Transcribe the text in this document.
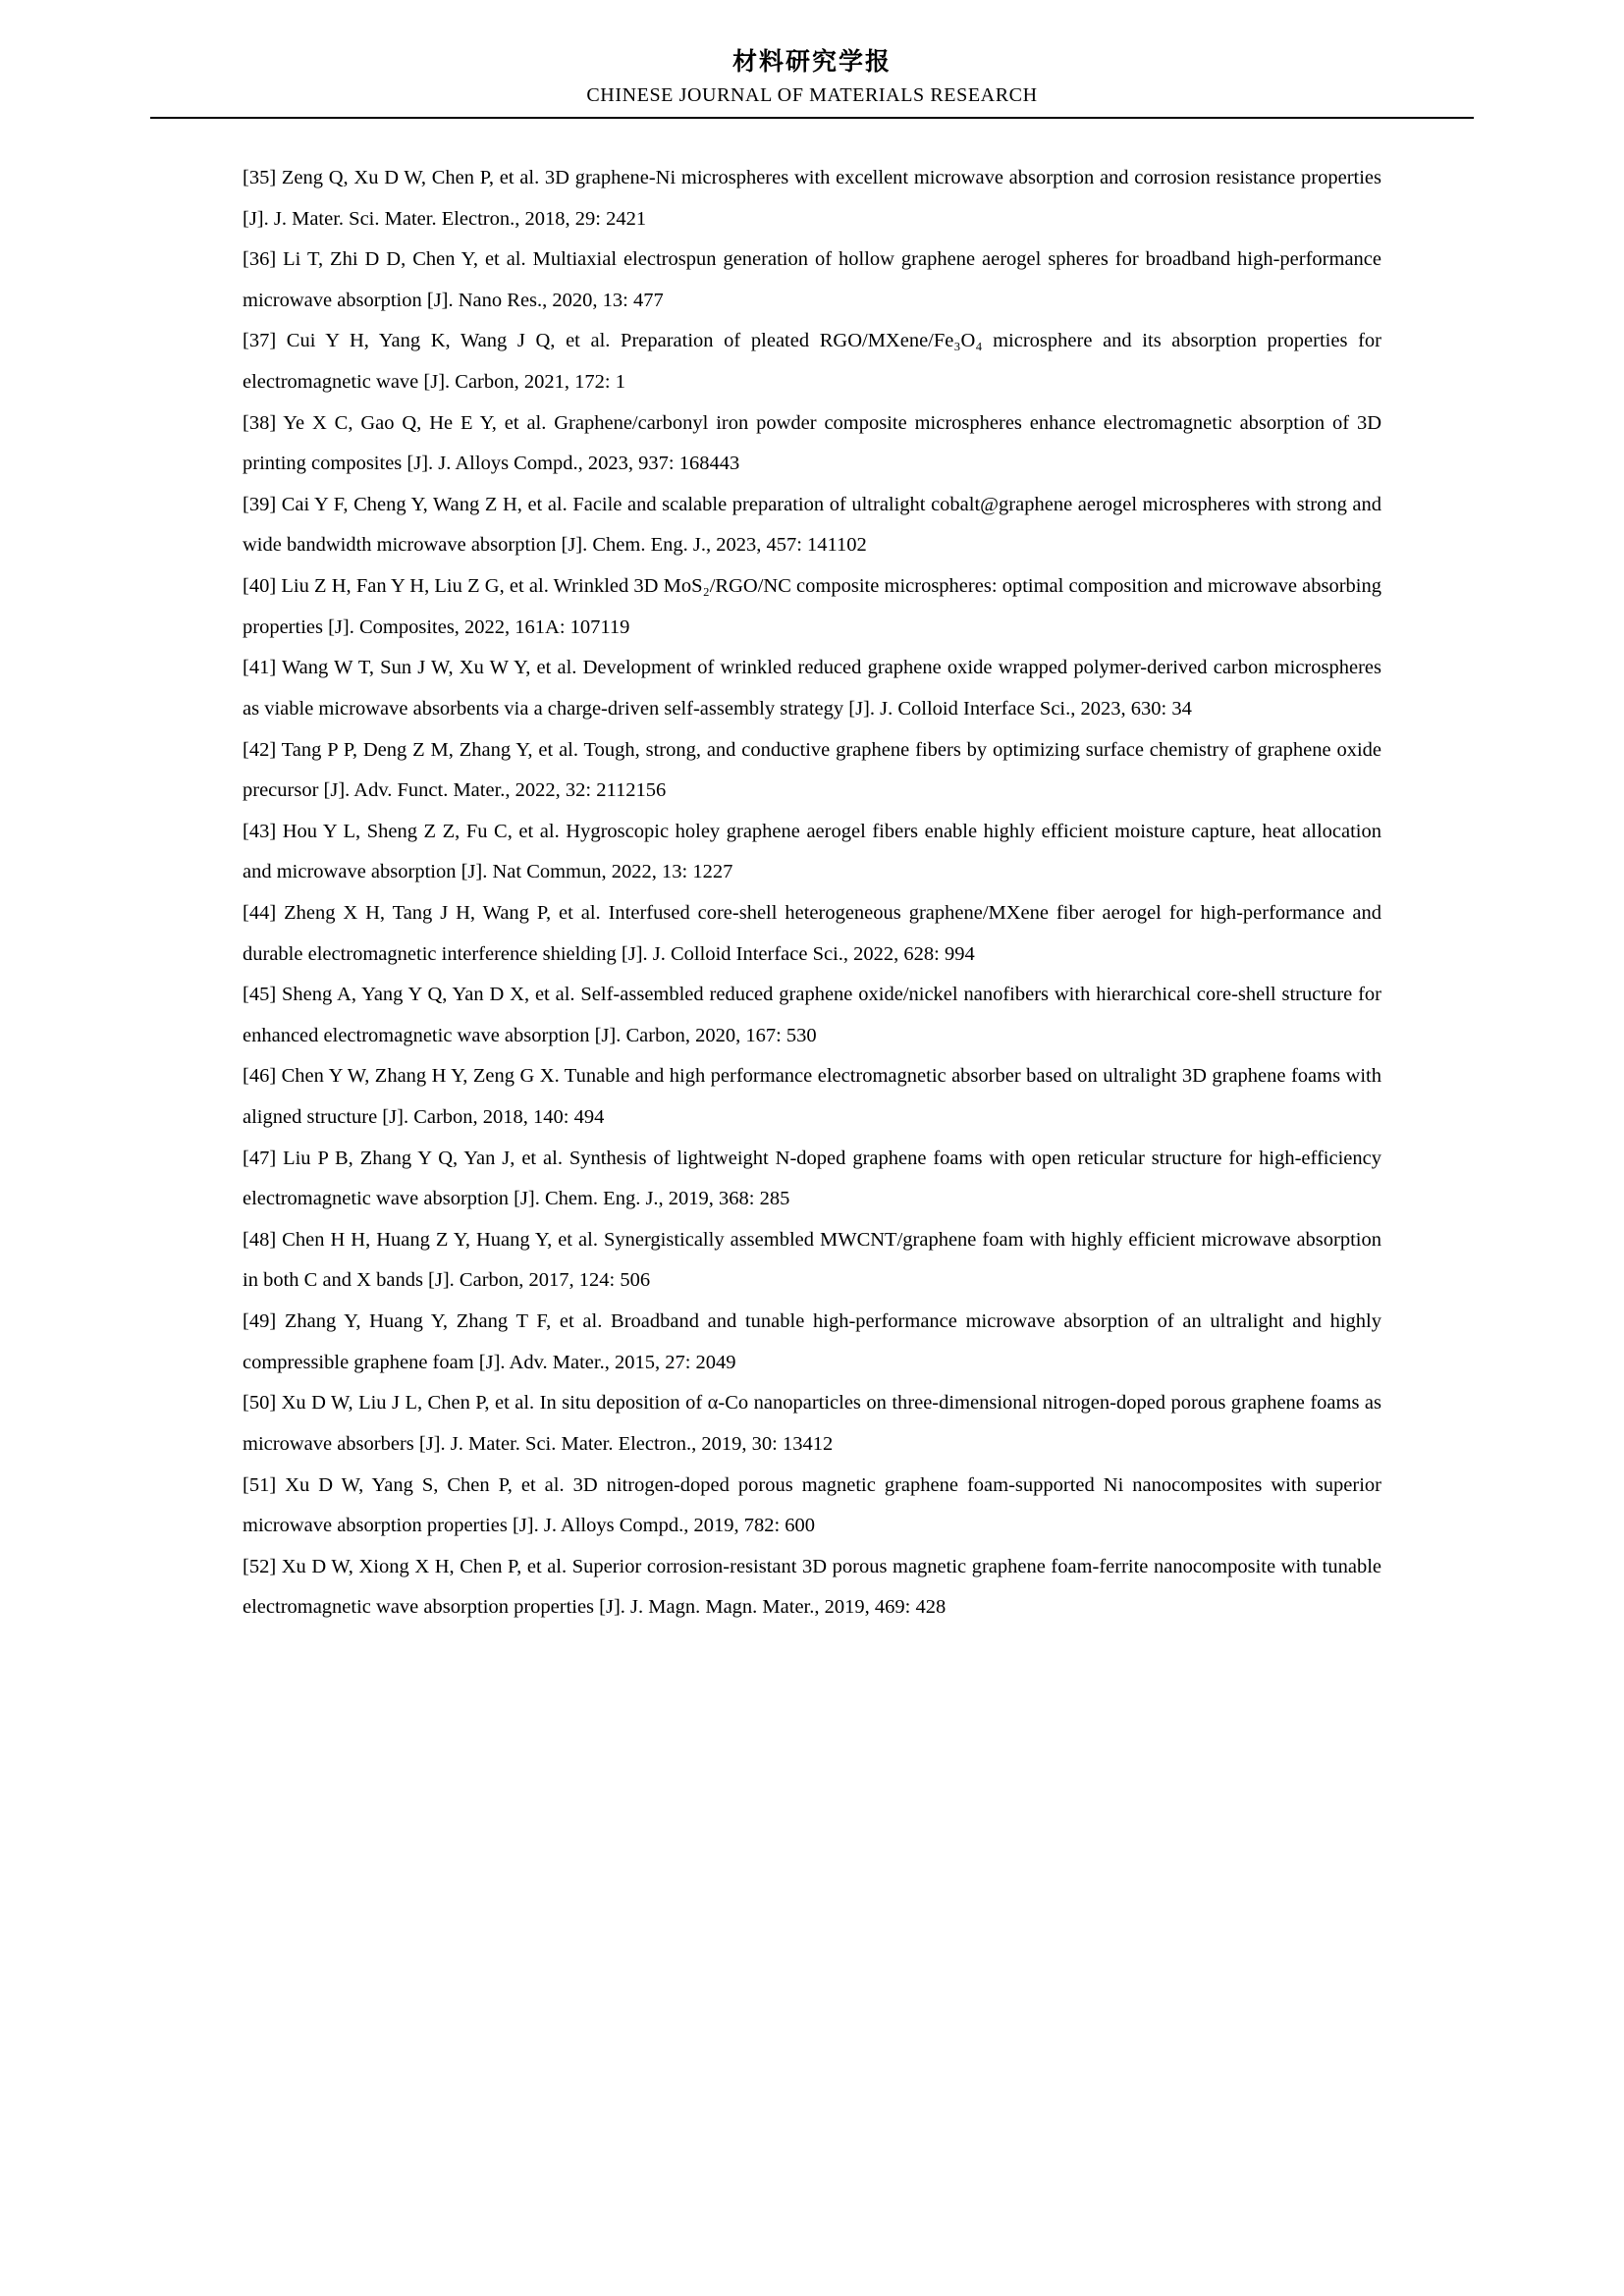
材料研究学报
CHINESE JOURNAL OF MATERIALS RESEARCH

[35] Zeng Q, Xu D W, Chen P, et al. 3D graphene-Ni microspheres with excellent microwave absorption and corrosion resistance properties [J]. J. Mater. Sci. Mater. Electron., 2018, 29: 2421

[36] Li T, Zhi D D, Chen Y, et al. Multiaxial electrospun generation of hollow graphene aerogel spheres for broadband high-performance microwave absorption [J]. Nano Res., 2020, 13: 477

[37] Cui Y H, Yang K, Wang J Q, et al. Preparation of pleated RGO/MXene/Fe₃O₄ microsphere and its absorption properties for electromagnetic wave [J]. Carbon, 2021, 172: 1

[38] Ye X C, Gao Q, He E Y, et al. Graphene/carbonyl iron powder composite microspheres enhance electromagnetic absorption of 3D printing composites [J]. J. Alloys Compd., 2023, 937: 168443

[39] Cai Y F, Cheng Y, Wang Z H, et al. Facile and scalable preparation of ultralight cobalt@graphene aerogel microspheres with strong and wide bandwidth microwave absorption [J]. Chem. Eng. J., 2023, 457: 141102

[40] Liu Z H, Fan Y H, Liu Z G, et al. Wrinkled 3D MoS₂/RGO/NC composite microspheres: optimal composition and microwave absorbing properties [J]. Composites, 2022, 161A: 107119

[41] Wang W T, Sun J W, Xu W Y, et al. Development of wrinkled reduced graphene oxide wrapped polymer-derived carbon microspheres as viable microwave absorbents via a charge-driven self-assembly strategy [J]. J. Colloid Interface Sci., 2023, 630: 34

[42] Tang P P, Deng Z M, Zhang Y, et al. Tough, strong, and conductive graphene fibers by optimizing surface chemistry of graphene oxide precursor [J]. Adv. Funct. Mater., 2022, 32: 2112156

[43] Hou Y L, Sheng Z Z, Fu C, et al. Hygroscopic holey graphene aerogel fibers enable highly efficient moisture capture, heat allocation and microwave absorption [J]. Nat Commun, 2022, 13: 1227

[44] Zheng X H, Tang J H, Wang P, et al. Interfused core-shell heterogeneous graphene/MXene fiber aerogel for high-performance and durable electromagnetic interference shielding [J]. J. Colloid Interface Sci., 2022, 628: 994

[45] Sheng A, Yang Y Q, Yan D X, et al. Self-assembled reduced graphene oxide/nickel nanofibers with hierarchical core-shell structure for enhanced electromagnetic wave absorption [J]. Carbon, 2020, 167: 530

[46] Chen Y W, Zhang H Y, Zeng G X. Tunable and high performance electromagnetic absorber based on ultralight 3D graphene foams with aligned structure [J]. Carbon, 2018, 140: 494

[47] Liu P B, Zhang Y Q, Yan J, et al. Synthesis of lightweight N-doped graphene foams with open reticular structure for high-efficiency electromagnetic wave absorption [J]. Chem. Eng. J., 2019, 368: 285

[48] Chen H H, Huang Z Y, Huang Y, et al. Synergistically assembled MWCNT/graphene foam with highly efficient microwave absorption in both C and X bands [J]. Carbon, 2017, 124: 506

[49] Zhang Y, Huang Y, Zhang T F, et al. Broadband and tunable high-performance microwave absorption of an ultralight and highly compressible graphene foam [J]. Adv. Mater., 2015, 27: 2049

[50] Xu D W, Liu J L, Chen P, et al. In situ deposition of α-Co nanoparticles on three-dimensional nitrogen-doped porous graphene foams as microwave absorbers [J]. J. Mater. Sci. Mater. Electron., 2019, 30: 13412

[51] Xu D W, Yang S, Chen P, et al. 3D nitrogen-doped porous magnetic graphene foam-supported Ni nanocomposites with superior microwave absorption properties [J]. J. Alloys Compd., 2019, 782: 600

[52] Xu D W, Xiong X H, Chen P, et al. Superior corrosion-resistant 3D porous magnetic graphene foam-ferrite nanocomposite with tunable electromagnetic wave absorption properties [J]. J. Magn. Magn. Mater., 2019, 469: 428
